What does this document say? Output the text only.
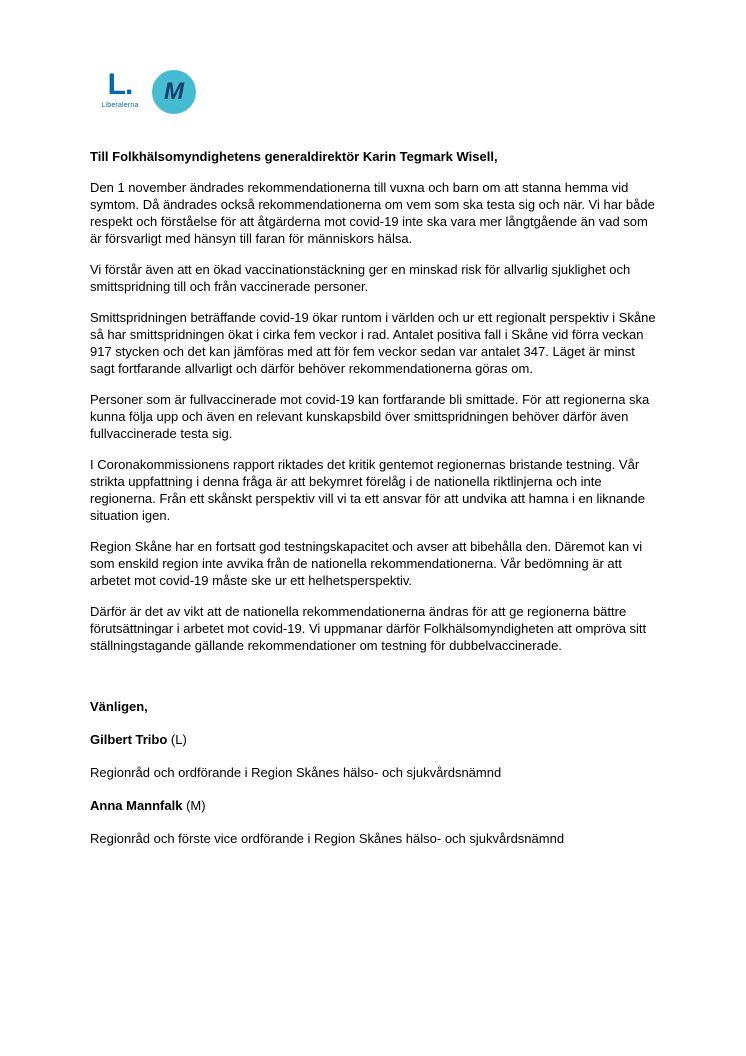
L.
Liberalerna
M
Till Folkhälsomyndighetens generaldirektör Karin Tegmark Wisell,

Den 1 november ändrades rekommendationerna till vuxna och barn om att stanna hemma vid symtom. Då ändrades också rekommendationerna om vem som ska testa sig och när. Vi har både respekt och förståelse för att åtgärderna mot covid-19 inte ska vara mer långtgående än vad som är försvarligt med hänsyn till faran för människors hälsa.

Vi förstår även att en ökad vaccinationstäckning ger en minskad risk för allvarlig sjuklighet och smittspridning till och från vaccinerade personer.

Smittspridningen beträffande covid-19 ökar runtom i världen och ur ett regionalt perspektiv i Skåne så har smittspridningen ökat i cirka fem veckor i rad. Antalet positiva fall i Skåne vid förra veckan 917 stycken och det kan jämföras med att för fem veckor sedan var antalet 347. Läget är minst sagt fortfarande allvarligt och därför behöver rekommendationerna göras om.

Personer som är fullvaccinerade mot covid-19 kan fortfarande bli smittade. För att regionerna ska kunna följa upp och även en relevant kunskapsbild över smittspridningen behöver därför även fullvaccinerade testa sig.

I Coronakommissionens rapport riktades det kritik gentemot regionernas bristande testning. Vår strikta uppfattning i denna fråga är att bekymret förelåg i de nationella riktlinjerna och inte regionerna. Från ett skånskt perspektiv vill vi ta ett ansvar för att undvika att hamna i en liknande situation igen.

Region Skåne har en fortsatt god testningskapacitet och avser att bibehålla den. Däremot kan vi som enskild region inte avvika från de nationella rekommendationerna. Vår bedömning är att arbetet mot covid-19 måste ske ur ett helhetsperspektiv.

Därför är det av vikt att de nationella rekommendationerna ändras för att ge regionerna bättre förutsättningar i arbetet mot covid-19. Vi uppmanar därför Folkhälsomyndigheten att ompröva sitt ställningstagande gällande rekommendationer om testning för dubbelvaccinerade.

Vänligen,
Gilbert Tribo (L)
Regionråd och ordförande i Region Skånes hälso- och sjukvårdsnämnd
Anna Mannfalk (M)
Regionråd och förste vice ordförande i Region Skånes hälso- och sjukvårdsnämnd
